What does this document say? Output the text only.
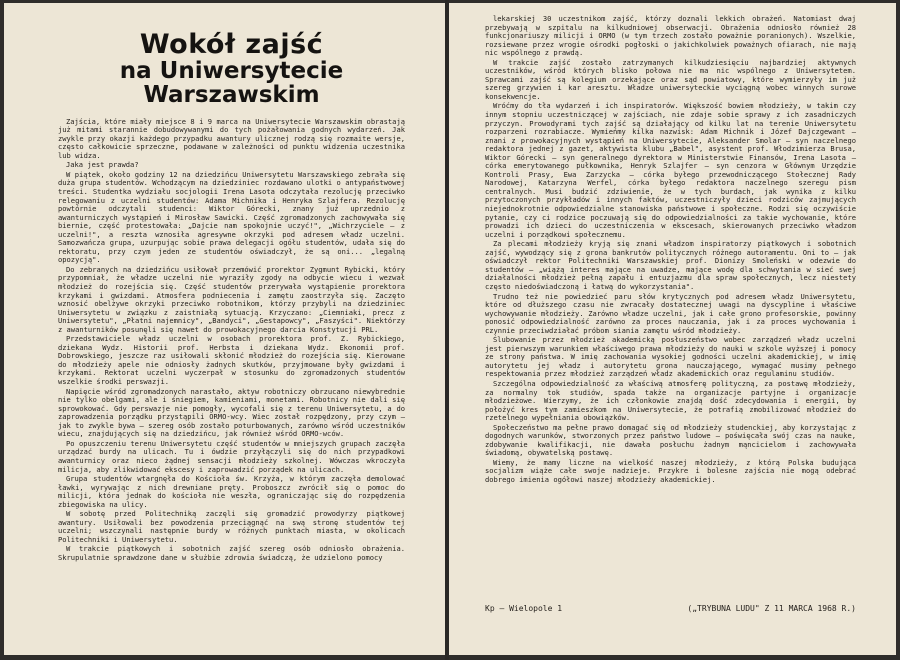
Wokół zajść
na Uniwersytecie Warszawskim

Zajścia, które miały miejsce 8 i 9 marca na Uniwersytecie Warszawskim obrastają już mitami starannie dobudowywanymi do tych pożałowania godnych wydarzeń. Jak zwykle przy okazji każdego przypadku awantury ulicznej rodzą się rozmaite wersje, często całkowicie sprzeczne, podawane w zależności od punktu widzenia uczestnika lub widza.

Jaka jest prawda?

W piątek, około godziny 12 na dziedzińcu Uniwersytetu Warszawskiego zebrała się duża grupa studentów. Wchodzącym na dziedziniec rozdawano ulotki o antypaństwowej treści. Studentka wydziału socjologii Irena Lasota odczytała rezolucję przeciwko relegowaniu z uczelni studentów: Adama Michnika i Henryka Szlajfera. Rezolucję powtórnie odczytali studenci: Wiktor Górecki, znany już uprzednio z awanturniczych wystąpień i Mirosław Sawicki. Część zgromadzonych zachowywała się biernie, część protestowała: „Dajcie nam spokojnie uczyć!", „Wichrzyciele — z uczelni!", a reszta wznosiła agresywne okrzyki pod adresem władz uczelni. Samozwańcza grupa, uzurpując sobie prawa delegacji ogółu studentów, udała się do rektoratu, przy czym jeden ze studentów oświadczył, że są oni... „legalną opozycją".

Do zebranych na dziedzińcu usiłował przemówić prorektor Zygmunt Rybicki, który przypomniał, że władze uczelni nie wyraziły zgody na odbycie wiecu i wezwał młodzież do rozejścia się. Część studentów przerywała wystąpienie prorektora krzykami i gwizdami. Atmosfera podniecenia i zamętu zaostrzyła się. Zaczęto wznosić obelżywe okrzyki przeciwko robotnikom, którzy przybyli na dziedziniec Uniwersytetu w związku z zaistniałą sytuacją. Krzyczano: „Ciemniaki, precz z Uniwersytetu", „Płatni najemnicy", „Bandyci", „Gestapowcy", „Faszyści". Niektórzy z awanturników posunęli się nawet do prowokacyjnego darcia Konstytucji PRL.

Przedstawiciele władz uczelni w osobach prorektora prof. Z. Rybickiego, dziekana Wydz. Historii prof. Herbsta i dziekana Wydz. Ekonomii prof. Dobrowskiego, jeszcze raz usiłowali skłonić młodzież do rozejścia się. Kierowane do młodzieży apele nie odniosły żadnych skutków, przyjmowane były gwizdami i krzykami. Rektorat uczelni wyczerpał w stosunku do zgromadzonych studentów wszelkie środki perswazji.

Napięcie wśród zgromadzonych narastało, aktyw robotniczy obrzucano niewybrednie nie tylko obelgami, ale i śniegiem, kamieniami, monetami. Robotnicy nie dali się sprowokować. Gdy perswazje nie pomogły, wycofali się z terenu Uniwersytetu, a do zaprowadzenia porządku przystąpili ORMO-wcy. Wiec został rozpędzony, przy czym — jak to zwykle bywa — szereg osób zostało poturbowanych, zarówno wśród uczestników wiecu, znajdujących się na dziedzińcu, jak również wśród ORMO-wców.

Po opuszczeniu terenu Uniwersytetu część studentów w mniejszych grupach zaczęła urządzać burdy na ulicach. Tu i ówdzie przyłączyli się do nich przypadkowi awanturnicy oraz nieco żądnej sensacji młodzieży szkolnej. Wówczas wkroczyła milicja, aby zlikwidować ekscesy i zaprowadzić porządek na ulicach.

Grupa studentów wtargnęła do Kościoła św. Krzyża, w którym zaczęła demolować ławki, wyrywając z nich drewniane pręty. Proboszcz zwrócił się o pomoc do milicji, która jednak do kościoła nie weszła, ograniczając się do rozpędzenia zbiegowiska na ulicy.

W sobotę przed Politechniką zaczęli się gromadzić prowodyrzy piątkowej awantury. Usiłowali bez powodzenia przeciągnąć na swą stronę studentów tej uczelni; wszczynali następnie burdy w różnych punktach miasta, w okolicach Politechniki i Uniwersytetu.

W trakcie piątkowych i sobotnich zajść szereg osób odniosło obrażenia. Skrupulatnie sprawdzone dane w służbie zdrowia świadczą, że udzielono pomocy

lekarskiej 30 uczestnikom zajść, którzy doznali lekkich obrażeń. Natomiast dwaj przebywają w szpitalu na kilkudniowej obserwacji. Obrażenia odniosło również 28 funkcjonariuszy milicji i ORMO (w tym trzech zostało poważnie poranionych). Wszelkie, rozsiewane przez wrogie ośrodki pogłoski o jakichkolwiek poważnych ofiarach, nie mają nic wspólnego z prawdą.

W trakcie zajść zostało zatrzymanych kilkudziesięciu najbardziej aktywnych uczestników, wśród których blisko połowa nie ma nic wspólnego z Uniwersytetem. Sprawcami zajść są kolegium orzekające oraz sąd powiatowy, które wymierzyły im już szereg grzywien i kar aresztu. Władze uniwersyteckie wyciągną wobec winnych surowe konsekwencje.

Wróćmy do tła wydarzeń i ich inspiratorów. Większość bowiem młodzieży, w takim czy innym stopniu uczestniczącej w zajściach, nie zdaje sobie sprawy z ich zasadniczych przyczyn. Prowodyrami tych zajść są działający od kilku lat na terenie Uniwersytetu rozparzeni rozrabiacze. Wymieńmy kilka nazwisk: Adam Michnik i Józef Dajczgewant — znani z prowokacyjnych wystąpień na Uniwersytecie, Aleksander Smolar — syn naczelnego redaktora jednej z gazet, aktywista klubu „Babel", asystent prof. Włodzimierza Brusa, Wiktor Górecki — syn generalnego dyrektora w Ministerstwie Finansów, Irena Lasota — córka emerytowanego pułkownika, Henryk Szlajfer — syn cenzora w Głównym Urzędzie Kontroli Prasy, Ewa Zarzycka — córka byłego przewodniczącego Stołecznej Rady Narodowej, Katarzyna Werfel, córka byłego redaktora naczelnego szeregu pism centralnych. Musi budzić zdziwienie, że w tych burdach, jak wynika z kilku przytoczonych przykładów i innych faktów, uczestniczyły dzieci rodziców zajmujących niejednokrotnie odpowiedzialne stanowiska państwowe i społeczne. Rodzi się oczywiście pytanie, czy ci rodzice poczuwają się do odpowiedzialności za takie wychowanie, które prowadzi ich dzieci do uczestniczenia w ekscesach, skierowanych przeciwko władzom uczelni i porządkowi społecznemu.

Za plecami młodzieży kryją się znani władzom inspiratorzy piątkowych i sobotnich zajść, wywodzący się z grona bankrutów politycznych różnego autoramentu. Oni to — jak oświadczył rektor Politechniki Warszawskiej prof. Dionizy Smoleński w odezwie do studentów — „wiążą interes mające na uwadze, mające wodę dla schwytania w sieć swej działalności młodzież pełną zapału i entuzjazmu dla spraw społecznych, lecz niestety często niedoświadczoną i łatwą do wykorzystania".

Trudno też nie powiedzieć paru słów krytycznych pod adresem władz Uniwersytetu, które od dłuższego czasu nie zwracały dostatecznej uwagi na dyscypline i właściwe wychowywanie młodzieży. Zarówno władze uczelni, jak i całe grono profesorskie, powinny ponosić odpowiedzialność zarówno za proces nauczania, jak i za proces wychowania i czynnie przeciwdziałać próbom siania zamętu wśród młodzieży.

Ślubowanie przez młodzież akademicką posłuszeństwo wobec zarządzeń władz uczelni jest pierwszym warunkiem właściwego prawa młodzieży do nauki w szkole wyższej i pomocy ze strony państwa. W imię zachowania wysokiej godności uczelni akademickiej, w imię autorytetu jej władz i autorytetu grona nauczającego, wymagać musimy pełnego respektowania przez młodzież zarządzeń władz akademickich oraz regulaminu studiów.

Szczególna odpowiedzialność za właściwą atmosferę polityczną, za postawę młodzieży, za normalny tok studiów, spada także na organizacje partyjne i organizacje młodzieżowe. Wierzymy, że ich członkowie znajdą dość zdecydowania i energii, by położyć kres tym zamieszkom na Uniwersytecie, że potrafią zmobilizować młodzież do rzetelnego wypełniania obowiązków.

Społeczeństwo ma pełne prawo domagać się od młodzieży studenckiej, aby korzystając z dogodnych warunków, stworzonych przez państwo ludowe — poświęcała swój czas na nauke, zdobywanie kwalifikacji, nie dawała posłuchu żadnym mąncicielom i zachowywała świadomą, obywatelską postawę.

Wiemy, że mamy liczne na wielkość naszej młodzieży, z którą Polska budująca socjalizm wiąże całe swoje nadzieje. Przykre i bolesne zajścia nie mogą odebrać dobrego imienia ogółowi naszej młodzieży akademickiej.

Kp — Wielopole 1	(„TRYBUNA LUDU" Z 11 MARCA 1968 R.)
